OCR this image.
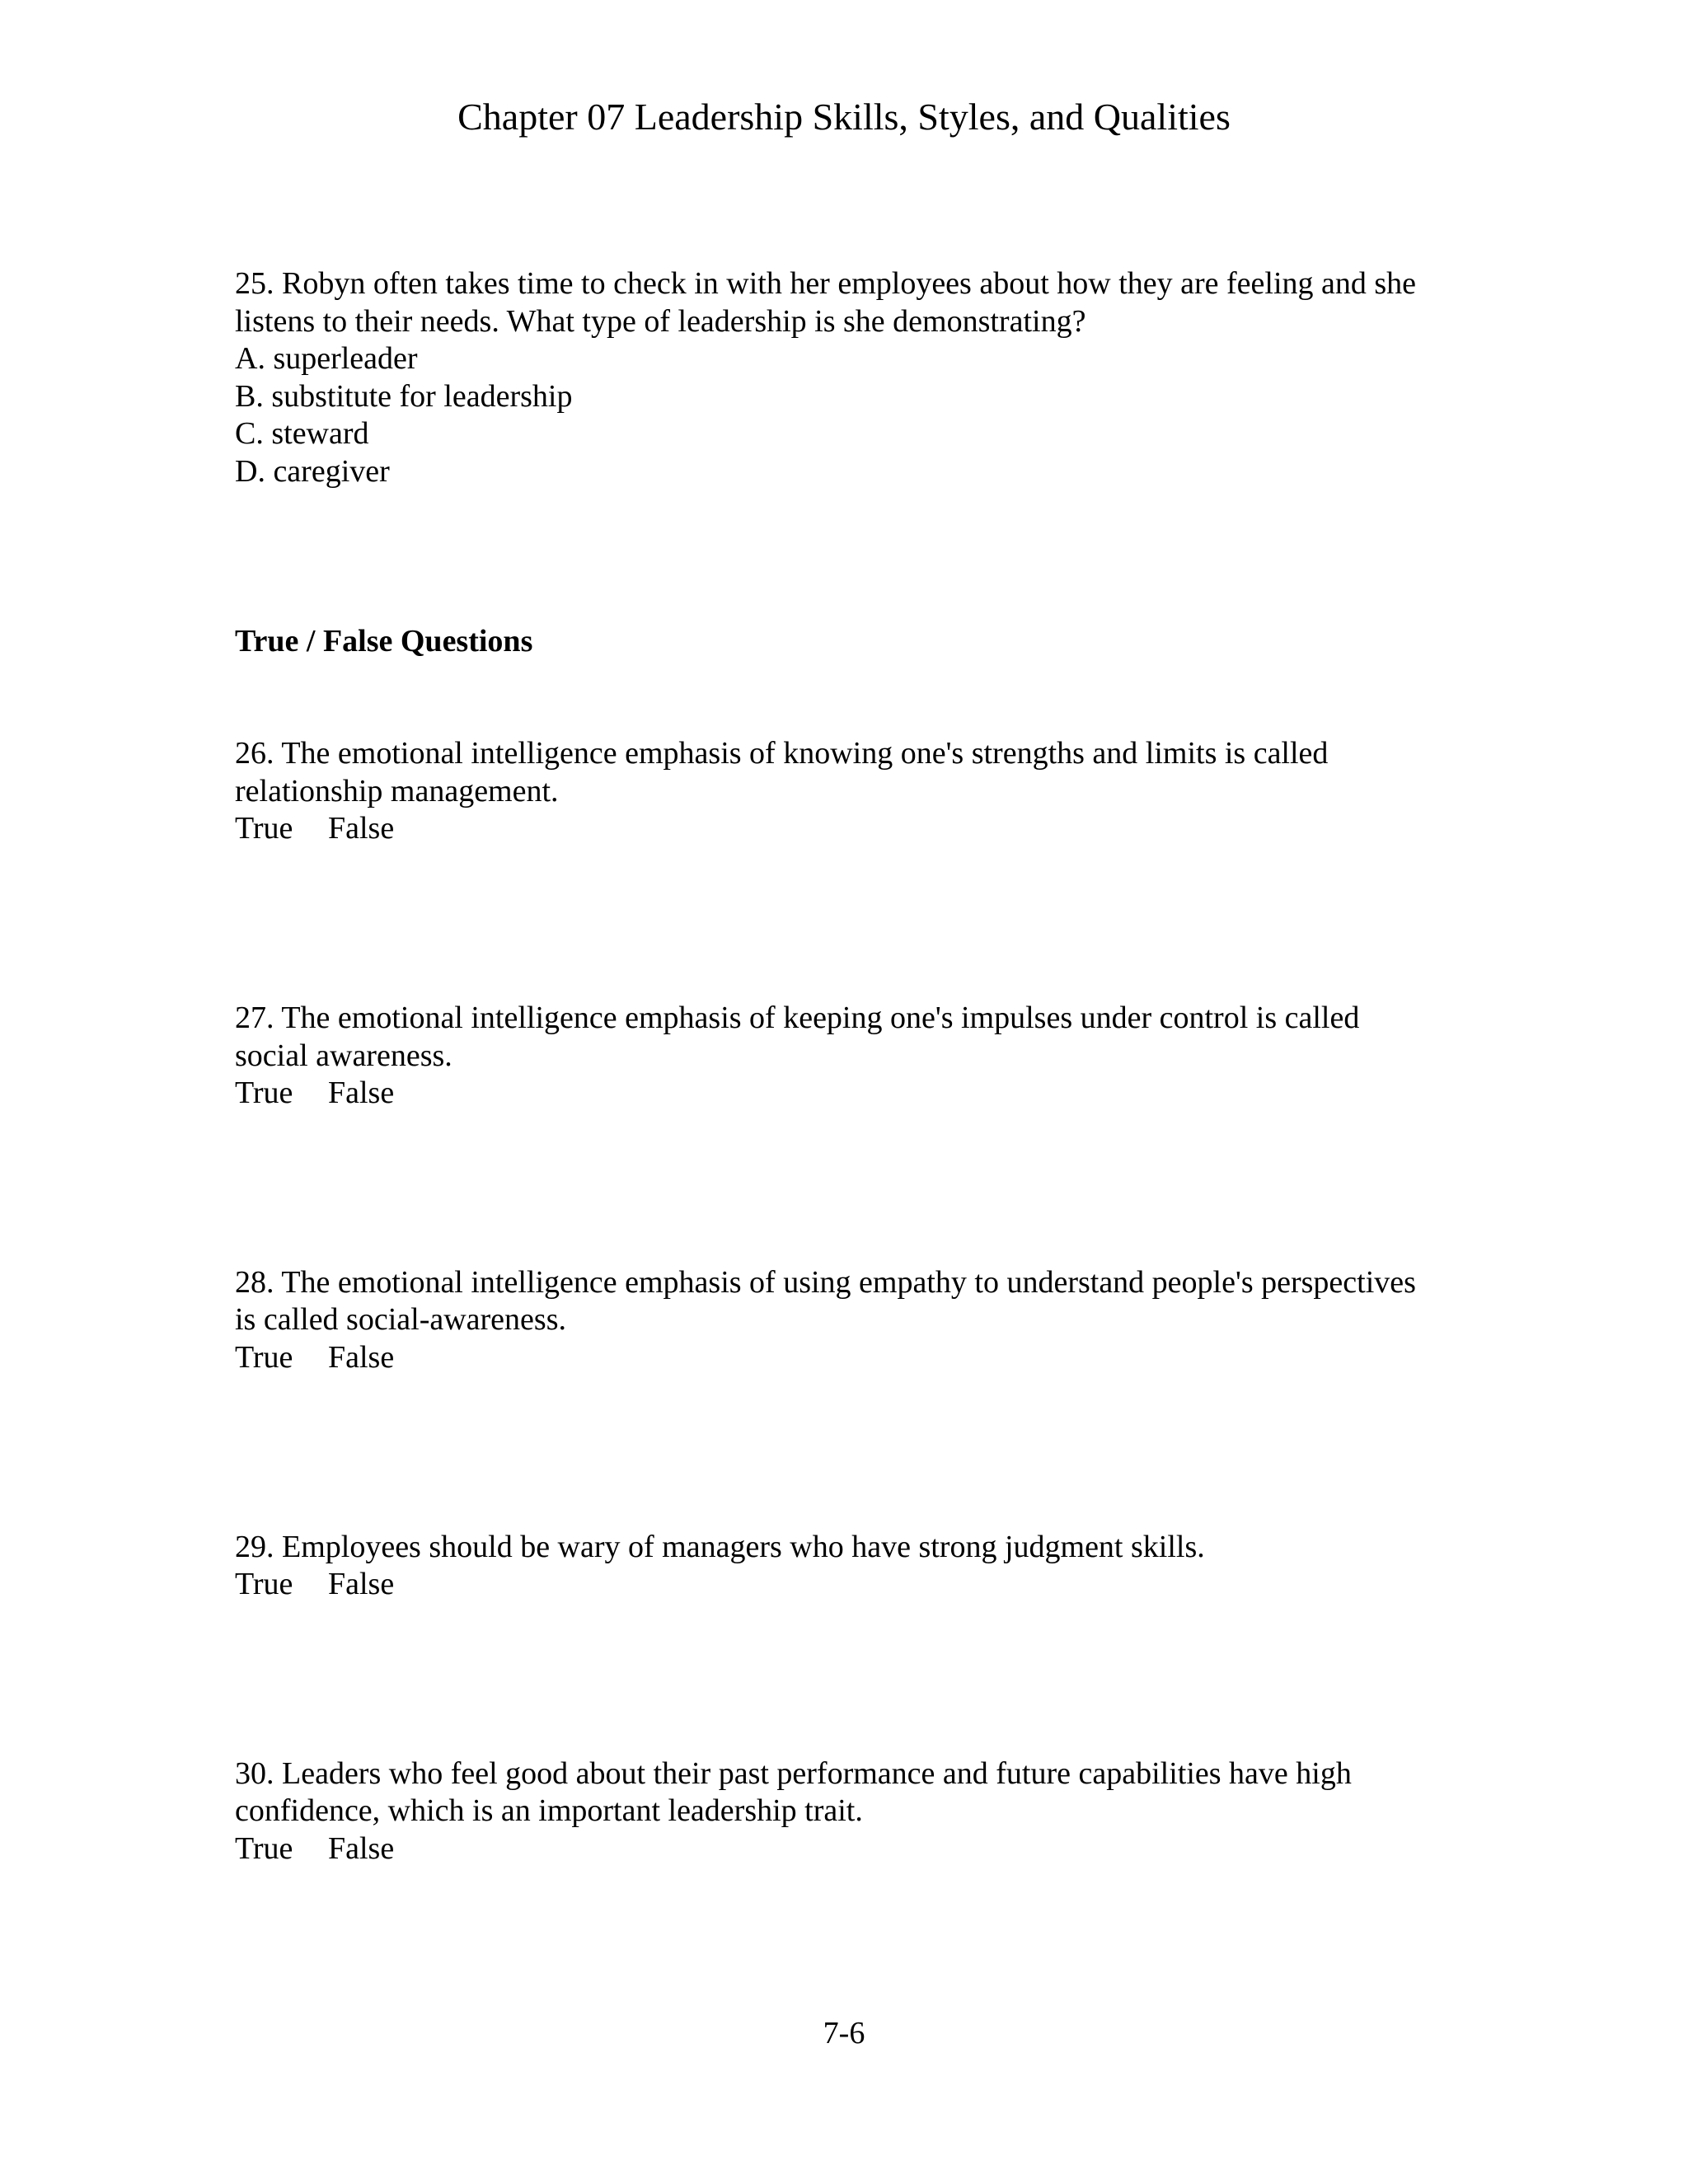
Chapter 07 Leadership Skills, Styles, and Qualities

25. Robyn often takes time to check in with her employees about how they are feeling and she

listens to their needs. What type of leadership is she demonstrating?

A. superleader
B. substitute for leadership
C. steward
D. caregiver

True / False Questions

26. The emotional intelligence emphasis of knowing one's strengths and limits is called

relationship management.

True False

27. The emotional intelligence emphasis of keeping one's impulses under control is called

social awareness.

True False

28. The emotional intelligence emphasis of using empathy to understand people's perspectives

is called social-awareness.

True False

29. Employees should be wary of managers who have strong judgment skills.

True False

30. Leaders who feel good about their past performance and future capabilities have high

confidence, which is an important leadership trait.

True False

7-6
